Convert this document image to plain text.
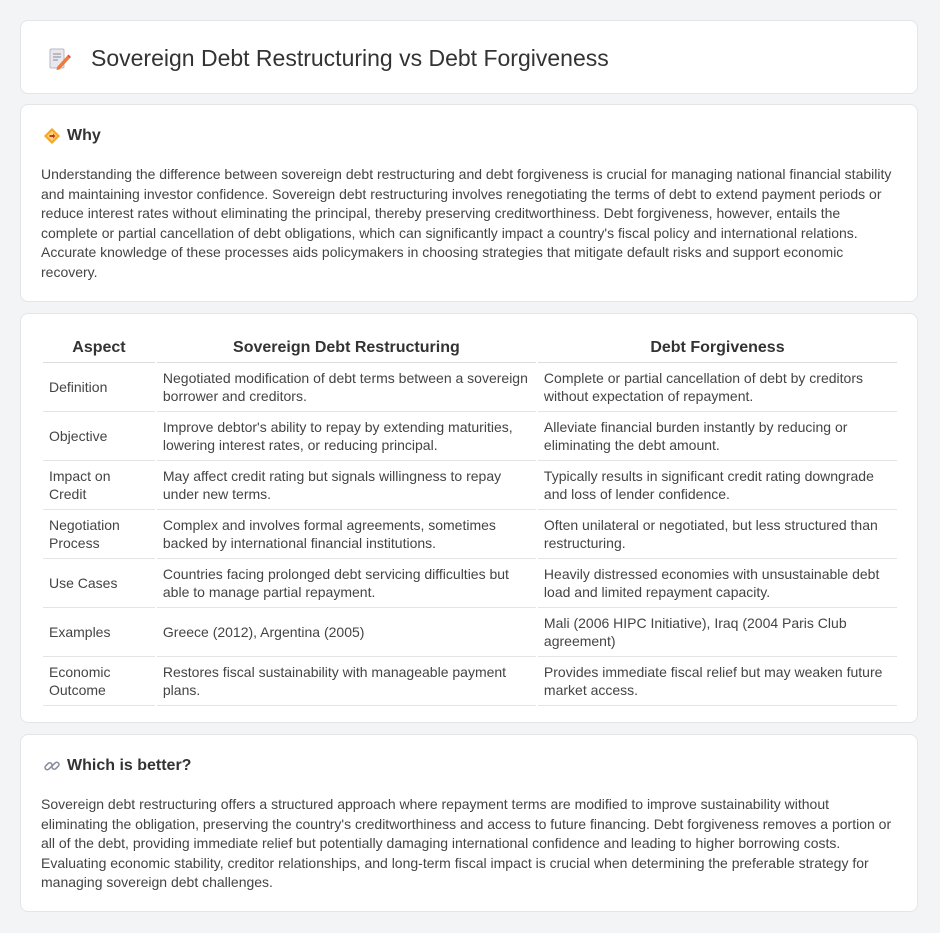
Sovereign Debt Restructuring vs Debt Forgiveness
Why

Understanding the difference between sovereign debt restructuring and debt forgiveness is crucial for managing national financial stability and maintaining investor confidence. Sovereign debt restructuring involves renegotiating the terms of debt to extend payment periods or reduce interest rates without eliminating the principal, thereby preserving creditworthiness. Debt forgiveness, however, entails the complete or partial cancellation of debt obligations, which can significantly impact a country's fiscal policy and international relations. Accurate knowledge of these processes aids policymakers in choosing strategies that mitigate default risks and support economic recovery.

Aspect	Sovereign Debt Restructuring	Debt Forgiveness
Definition	Negotiated modification of debt terms between a sovereign borrower and creditors.	Complete or partial cancellation of debt by creditors without expectation of repayment.
Objective	Improve debtor's ability to repay by extending maturities, lowering interest rates, or reducing principal.	Alleviate financial burden instantly by reducing or eliminating the debt amount.
Impact on Credit	May affect credit rating but signals willingness to repay under new terms.	Typically results in significant credit rating downgrade and loss of lender confidence.
Negotiation Process	Complex and involves formal agreements, sometimes backed by international financial institutions.	Often unilateral or negotiated, but less structured than restructuring.
Use Cases	Countries facing prolonged debt servicing difficulties but able to manage partial repayment.	Heavily distressed economies with unsustainable debt load and limited repayment capacity.
Examples	Greece (2012), Argentina (2005)	Mali (2006 HIPC Initiative), Iraq (2004 Paris Club agreement)
Economic Outcome	Restores fiscal sustainability with manageable payment plans.	Provides immediate fiscal relief but may weaken future market access.
Which is better?

Sovereign debt restructuring offers a structured approach where repayment terms are modified to improve sustainability without eliminating the obligation, preserving the country's creditworthiness and access to future financing. Debt forgiveness removes a portion or all of the debt, providing immediate relief but potentially damaging international confidence and leading to higher borrowing costs. Evaluating economic stability, creditor relationships, and long-term fiscal impact is crucial when determining the preferable strategy for managing sovereign debt challenges.
